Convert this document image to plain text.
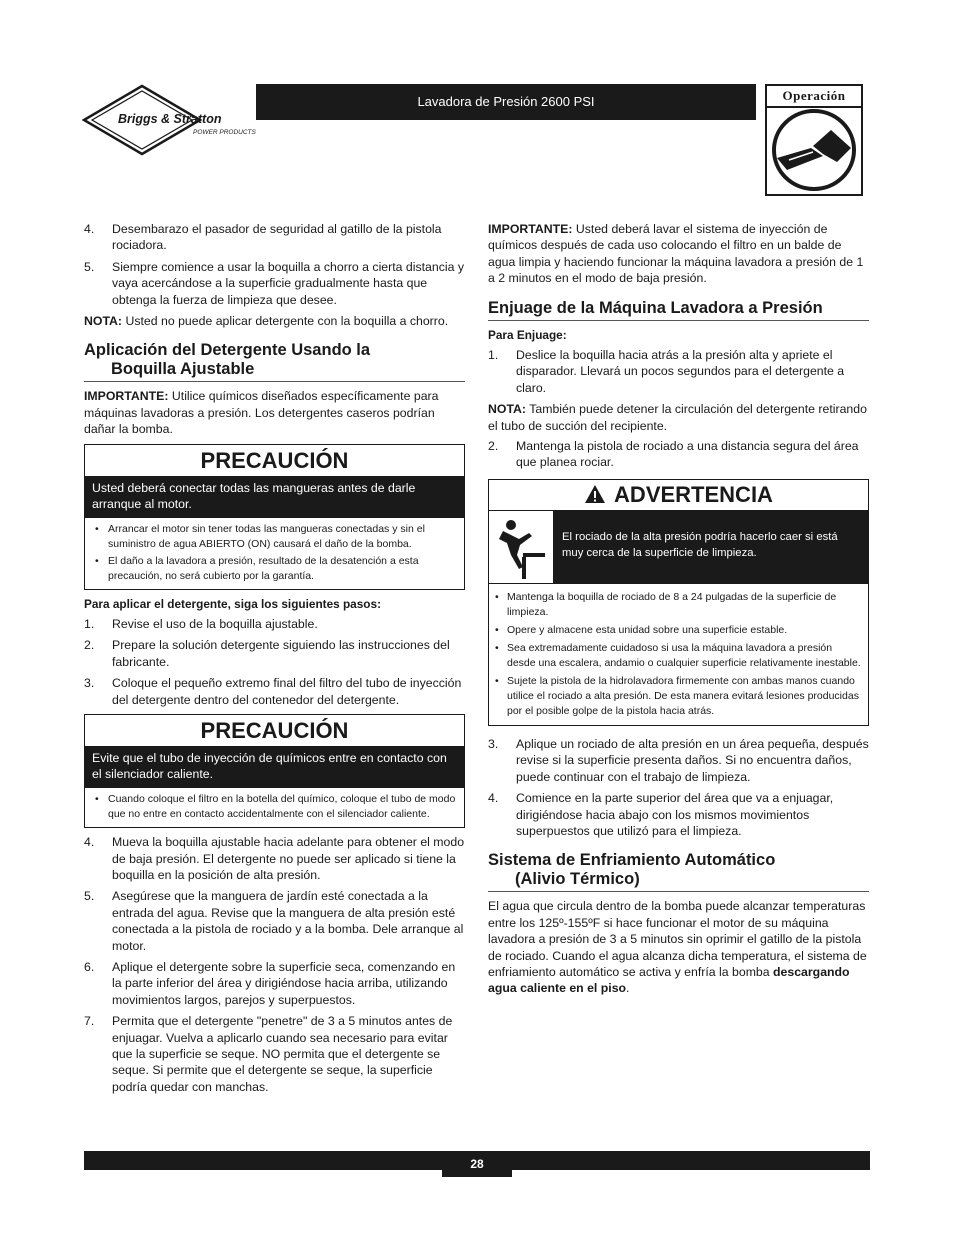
Briggs & Stratton
POWER PRODUCTS
Lavadora de Presión 2600 PSI	Operación
4. Desembarazo el pasador de seguridad al gatillo de la pistola rociadora.
5. Siempre comience a usar la boquilla a chorro a cierta distancia y vaya acercándose a la superficie gradualmente hasta que obtenga la fuerza de limpieza que desee.

NOTA: Usted no puede aplicar detergente con la boquilla a chorro.

Aplicación del Detergente Usando la
Boquilla Ajustable

IMPORTANTE: Utilice químicos diseñados específicamente para máquinas lavadoras a presión. Los detergentes caseros podrían dañar la bomba.

PRECAUCIÓN
Usted deberá conectar todas las mangueras antes de darle arranque al motor.
• Arrancar el motor sin tener todas las mangueras conectadas y sin el suministro de agua ABIERTO (ON) causará el daño de la bomba.
• El daño a la lavadora a presión, resultado de la desatención a esta precaución, no será cubierto por la garantía.

Para aplicar el detergente, siga los siguientes pasos:

1. Revise el uso de la boquilla ajustable.
2. Prepare la solución detergente siguiendo las instrucciones del fabricante.
3. Coloque el pequeño extremo final del filtro del tubo de inyección del detergente dentro del contenedor del detergente.
PRECAUCIÓN
Evite que el tubo de inyección de químicos entre en contacto con el silenciador caliente.
• Cuando coloque el filtro en la botella del químico, coloque el tubo de modo que no entre en contacto accidentalmente con el silenciador caliente.
4. Mueva la boquilla ajustable hacia adelante para obtener el modo de baja presión. El detergente no puede ser aplicado si tiene la boquilla en la posición de alta presión.
5. Asegúrese que la manguera de jardín esté conectada a la entrada del agua. Revise que la manguera de alta presión esté conectada a la pistola de rociado y a la bomba. Dele arranque al motor.
6. Aplique el detergente sobre la superficie seca, comenzando en la parte inferior del área y dirigiéndose hacia arriba, utilizando movimientos largos, parejos y superpuestos.
7. Permita que el detergente "penetre" de 3 a 5 minutos antes de enjuagar. Vuelva a aplicarlo cuando sea necesario para evitar que la superficie se seque. NO permita que el detergente se seque. Si permite que el detergente se seque, la superficie podría quedar con manchas.

IMPORTANTE: Usted deberá lavar el sistema de inyección de químicos después de cada uso colocando el filtro en un balde de agua limpia y haciendo funcionar la máquina lavadora a presión de 1 a 2 minutos en el modo de baja presión.

Enjuage de la Máquina Lavadora a Presión

Para Enjuage:

1. Deslice la boquilla hacia atrás a la presión alta y apriete el disparador. Llevará un pocos segundos para el detergente a claro.

NOTA: También puede detener la circulación del detergente retirando el tubo de succión del recipiente.

2. Mantenga la pistola de rociado a una distancia segura del área que planea rociar.
ADVERTENCIA
El rociado de la alta presión podría hacerlo caer si está muy cerca de la superficie de limpieza.
• Mantenga la boquilla de rociado de 8 a 24 pulgadas de la superficie de limpieza.
• Opere y almacene esta unidad sobre una superficie estable.
• Sea extremadamente cuidadoso si usa la máquina lavadora a presión desde una escalera, andamio o cualquier superficie relativamente inestable.
• Sujete la pistola de la hidrolavadora firmemente con ambas manos cuando utilice el rociado a alta presión. De esta manera evitará lesiones producidas por el posible golpe de la pistola hacia atrás.
3. Aplique un rociado de alta presión en un área pequeña, después revise si la superficie presenta daños. Si no encuentra daños, puede continuar con el trabajo de limpieza.
4. Comience en la parte superior del área que va a enjuagar, dirigiéndose hacia abajo con los mismos movimientos superpuestos que utilizó para el limpieza.
Sistema de Enfriamiento Automático
(Alivio Térmico)

El agua que circula dentro de la bomba puede alcanzar temperaturas entre los 125º-155ºF si hace funcionar el motor de su máquina lavadora a presión de 3 a 5 minutos sin oprimir el gatillo de la pistola de rociado. Cuando el agua alcanza dicha temperatura, el sistema de enfriamiento automático se activa y enfría la bomba descargando agua caliente en el piso.

28
